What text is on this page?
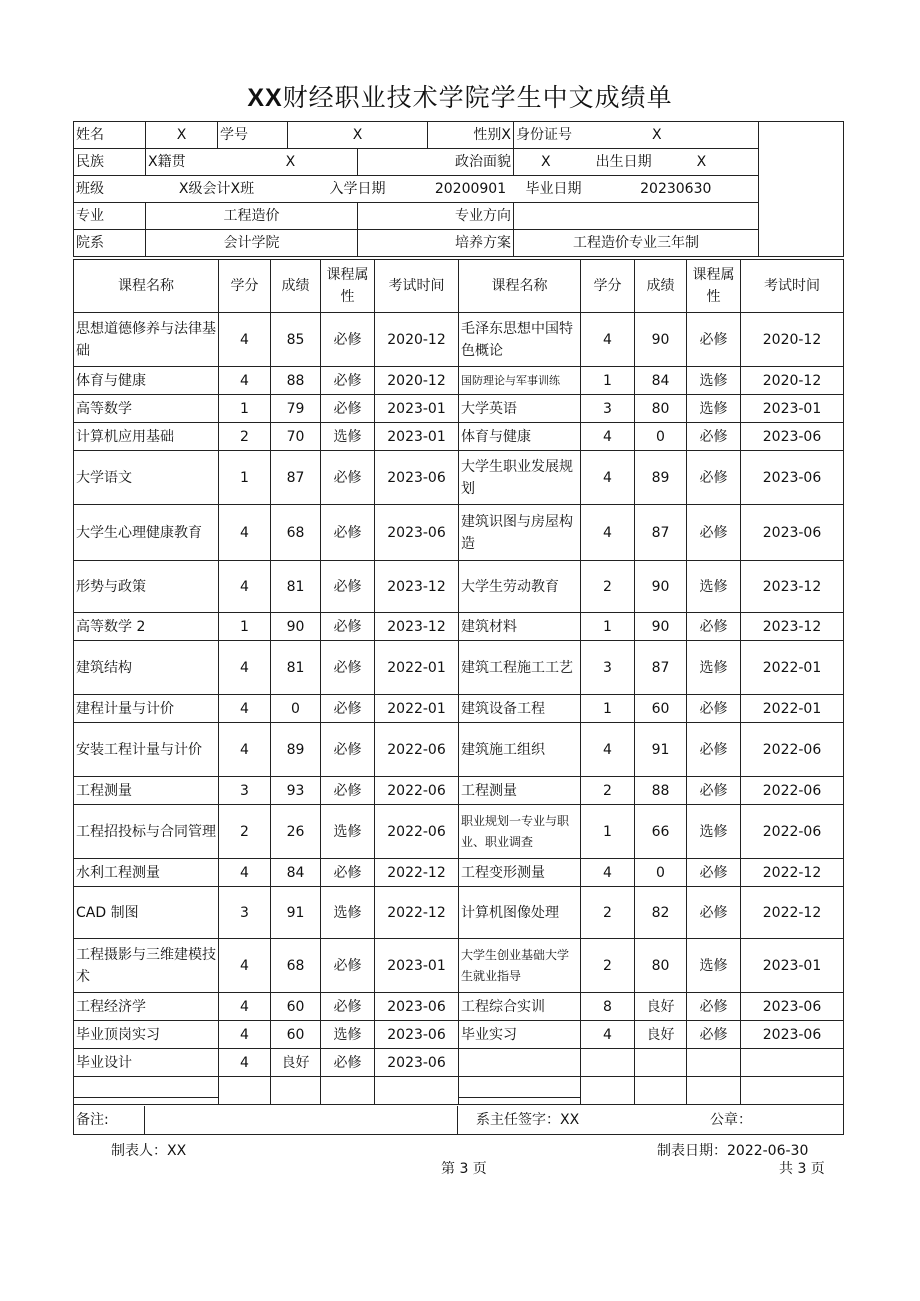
XX财经职业技术学院学生中文成绩单
姓名	X	学号	X		性别X	身份证号 X		
民族	X籍贯 X			政治面貌		X 出生日期 X		
班级	X级会计X班		入学日期		20200901	毕业日期	20230630	
专业	工程造价			专业方向				
院系	会计学院			培养方案		工程造价专业三年制		
课程名称	学分	成绩	课程属性	考试时间	课程名称	学分	成绩	课程属性	考试时间
思想道德修养与法律基础	4	85	必修	2020-12	毛泽东思想中国特色概论	4	90	必修	2020-12
体育与健康	4	88	必修	2020-12	国防理论与军事训练	1	84	选修	2020-12
高等数学	1	79	必修	2023-01	大学英语	3	80	选修	2023-01
计算机应用基础	2	70	选修	2023-01	体育与健康	4	0	必修	2023-06
大学语文	1	87	必修	2023-06	大学生职业发展规划	4	89	必修	2023-06
大学生心理健康教育	4	68	必修	2023-06	建筑识图与房屋构造	4	87	必修	2023-06
形势与政策	4	81	必修	2023-12	大学生劳动教育	2	90	选修	2023-12
高等数学 2	1	90	必修	2023-12	建筑材料	1	90	必修	2023-12
建筑结构	4	81	必修	2022-01	建筑工程施工工艺	3	87	选修	2022-01
建程计量与计价	4	0	必修	2022-01	建筑设备工程	1	60	必修	2022-01
安装工程计量与计价	4	89	必修	2022-06	建筑施工组织	4	91	必修	2022-06
工程测量	3	93	必修	2022-06	工程测量	2	88	必修	2022-06
工程招投标与合同管理	2	26	选修	2022-06	职业规划一专业与职业、职业调查	1	66	选修	2022-06
水利工程测量	4	84	必修	2022-12	工程变形测量	4	0	必修	2022-12
CAD 制图	3	91	选修	2022-12	计算机图像处理	2	82	必修	2022-12
工程摄影与三维建模技术	4	68	必修	2023-01	大学生创业基础大学生就业指导	2	80	选修	2023-01
工程经济学	4	60	必修	2023-06	工程综合实训	8	良好	必修	2023-06
毕业顶岗实习	4	60	选修	2023-06	毕业实习	4	良好	必修	2023-06
毕业设计	4	良好	必修	2023-06					

备注: 系主任签字：XX 公章：									
制表人：XX	制表日期：2022-06-30
第 3 页	共 3 页
